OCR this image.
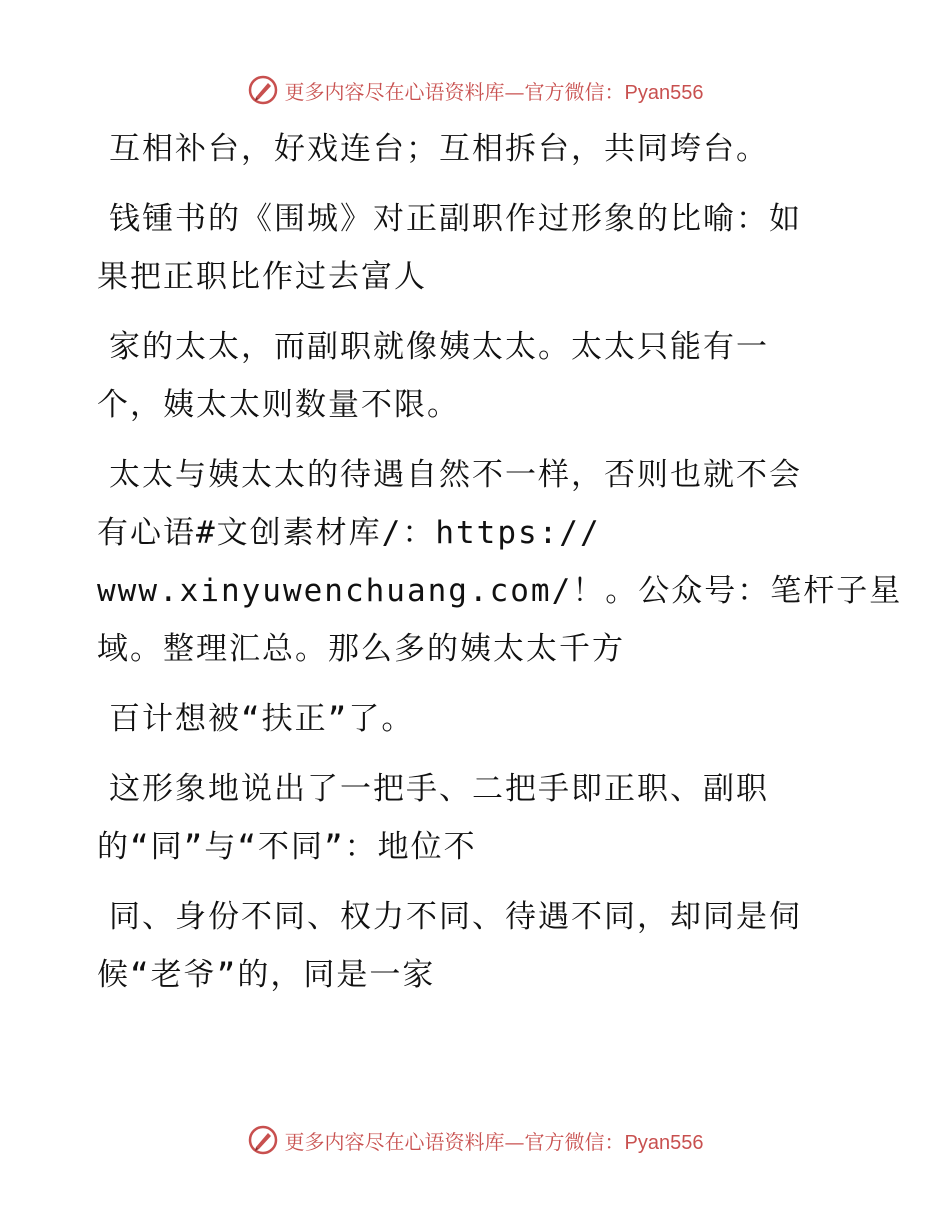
更多内容尽在心语资料库—官方微信：Pyan556
互相补台，好戏连台；互相拆台，共同垮台。
钱锺书的《围城》对正副职作过形象的比喻：如
果把正职比作过去富人
家的太太，而副职就像姨太太。太太只能有一
个，姨太太则数量不限。
太太与姨太太的待遇自然不一样，否则也就不会
有心语#文创素材库/：https://
www.xinyuwenchuang.com/！。公众号：笔杆子星
域。整理汇总。那么多的姨太太千方
百计想被“扶正”了。
这形象地说出了一把手、二把手即正职、副职
的“同”与“不同”：地位不
同、身份不同、权力不同、待遇不同，却同是伺
候“老爷”的，同是一家
更多内容尽在心语资料库—官方微信：Pyan556
